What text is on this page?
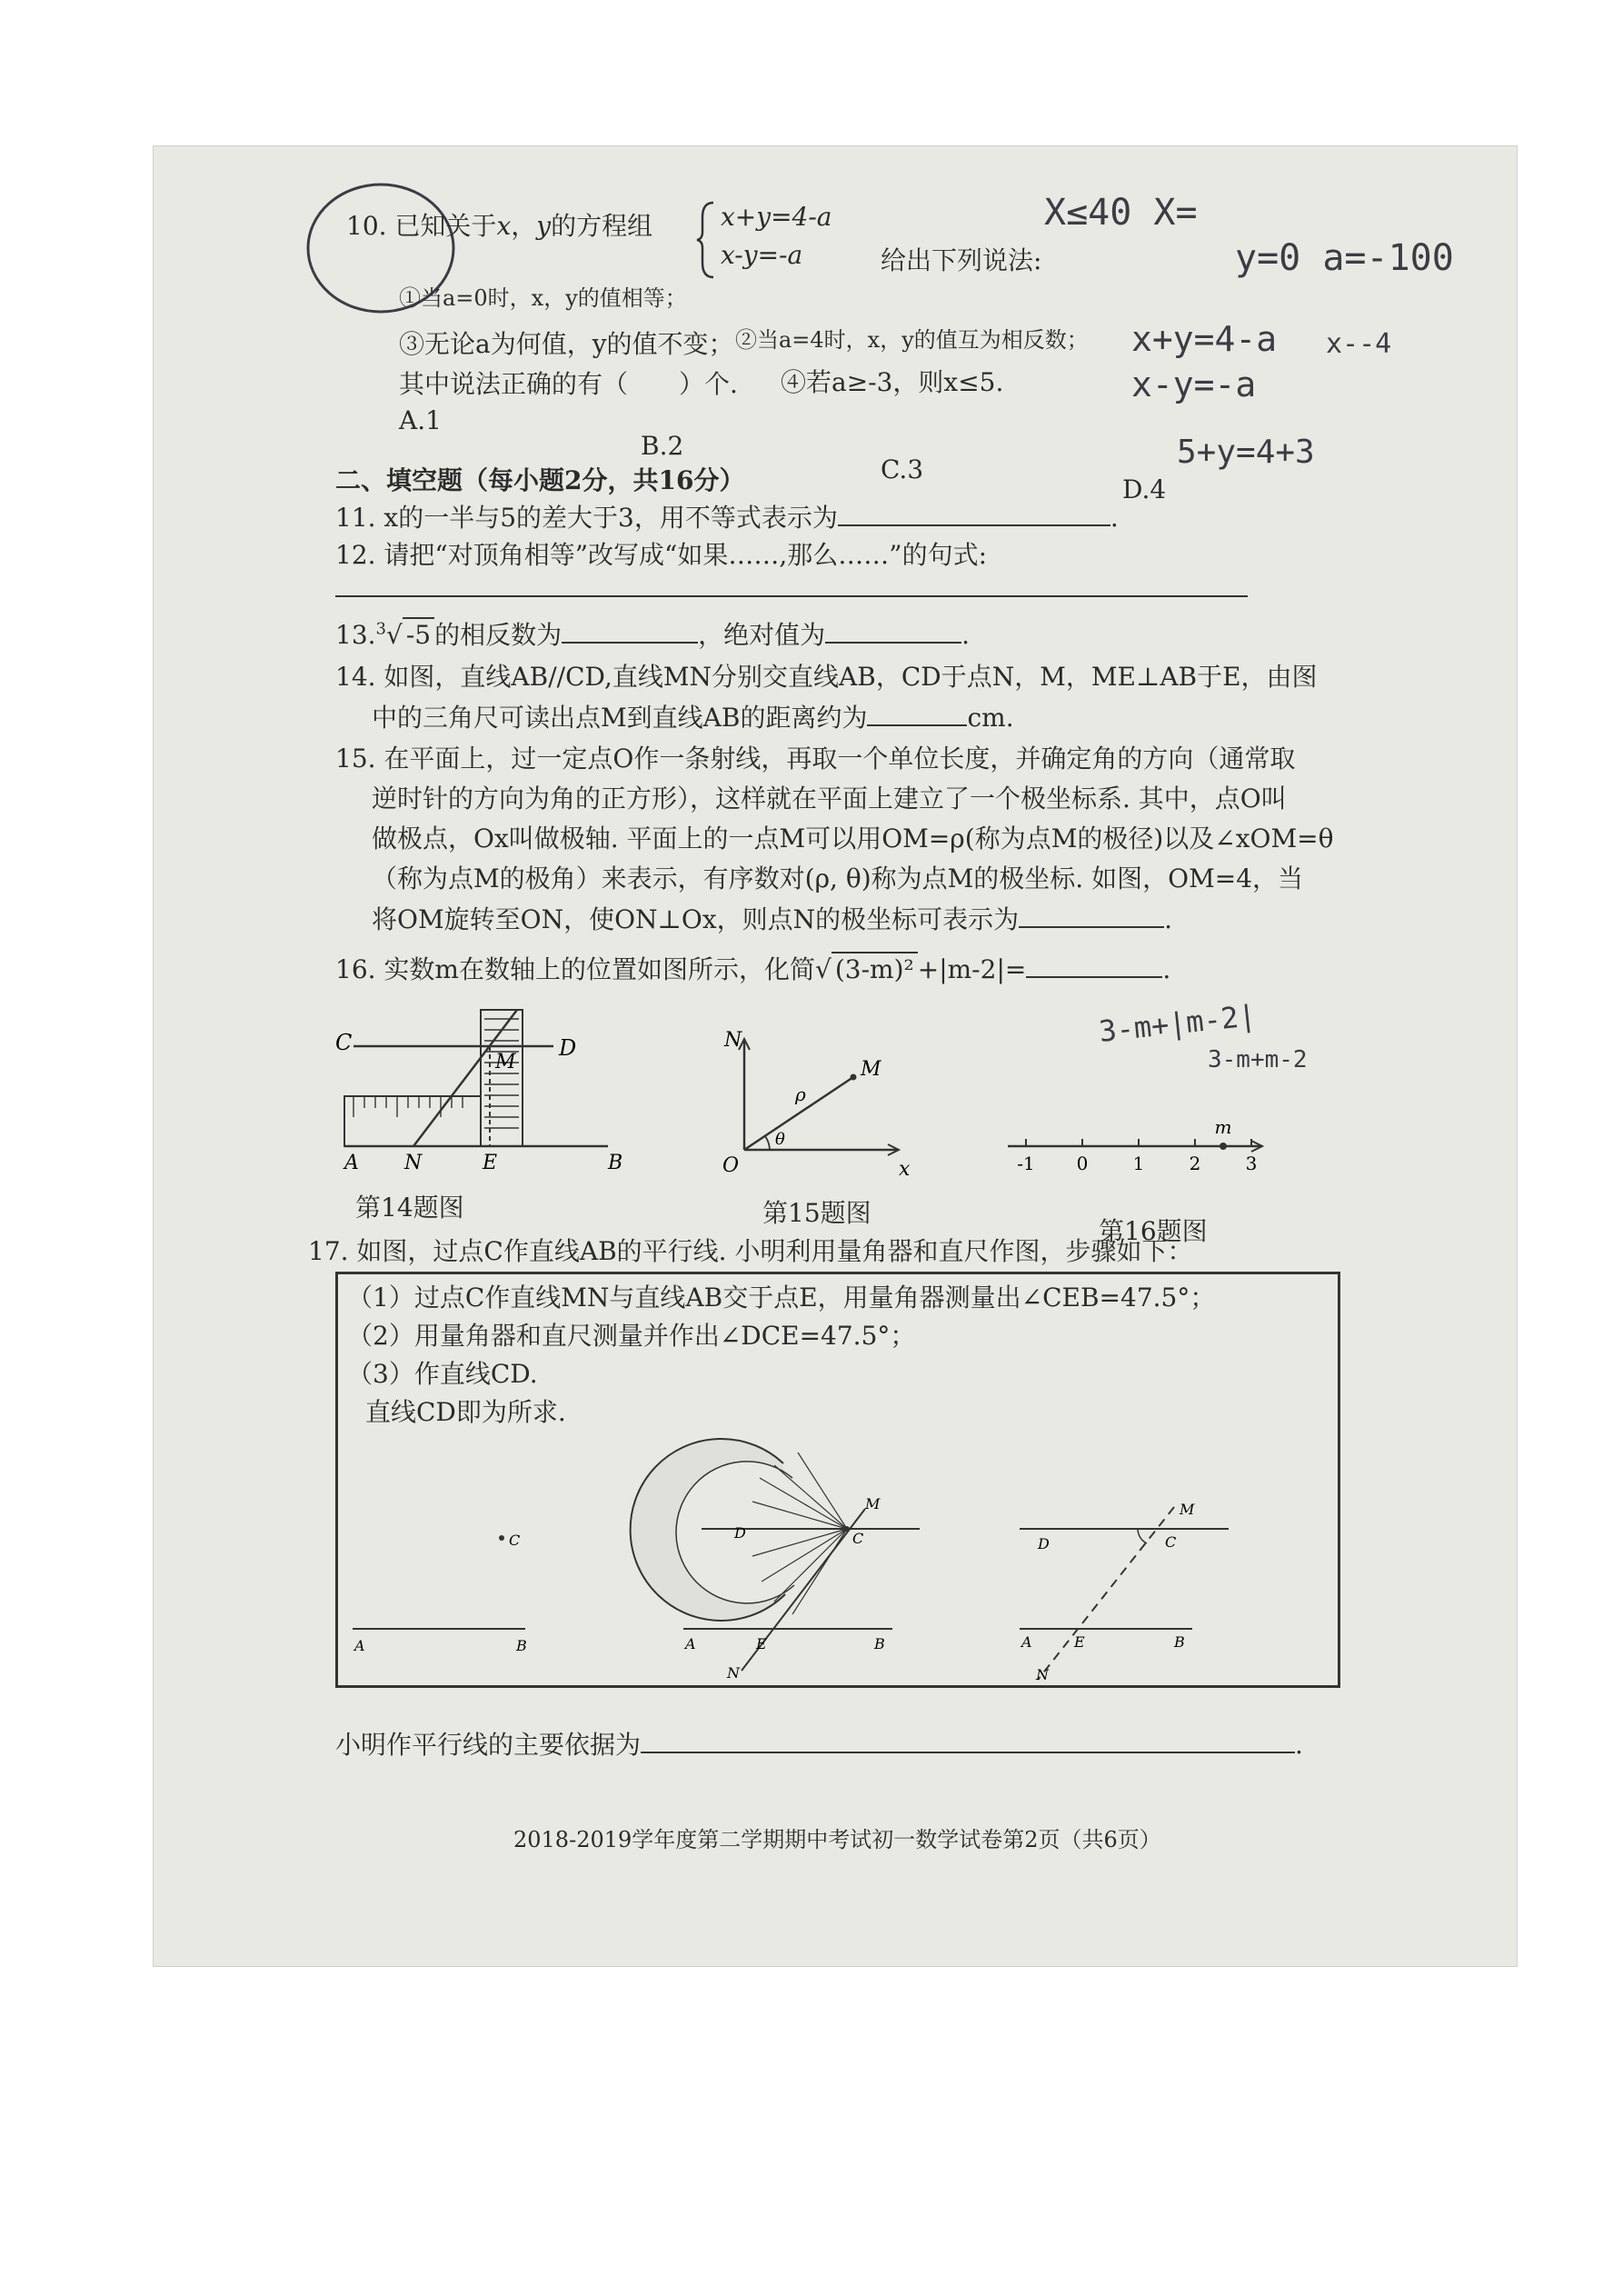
10. 已知关于x，y的方程组	x+y=4-a
x-y=-a	给出下列说法:
①当a=0时，x，y的值相等；
②当a=4时，x，y的值互为相反数；
③无论a为何值，y的值不变；
④若a≥-3，则x≤5.
其中说法正确的有（　　）个.
A.1
B.2
C.3
D.4
X≤40 X=
y=0 a=-100
x+y=4-a
x-y=-a
x--4
5+y=4+3
二、填空题（每小题2分，共16分）
11. x的一半与5的差大于3，用不等式表示为	.
12. 请把“对顶角相等”改写成“如果……,那么……”的句式:
13.$^3$√ -5 的相反数为	，绝对值为	.
14. 如图，直线AB//CD,直线MN分别交直线AB，CD于点N，M，ME⊥AB于E，由图
中的三角尺可读出点M到直线AB的距离约为	cm.
15. 在平面上，过一定点O作一条射线，再取一个单位长度，并确定角的方向（通常取
逆时针的方向为角的正方形），这样就在平面上建立了一个极坐标系. 其中，点O叫
做极点，Ox叫做极轴. 平面上的一点M可以用OM=ρ(称为点M的极径)以及∠xOM=θ
（称为点M的极角）来表示，有序数对(ρ, θ)称为点M的极坐标. 如图，OM=4，当
将OM旋转至ON，使ON⊥Ox，则点N的极坐标可表示为	.
16. 实数m在数轴上的位置如图所示，化简√ (3-m)² +|m-2|=	.
3-m+|m-2|
3-m+m-2
C	D
M
A N	E	B
第14题图
N
M
O	x
ρ
θ
第15题图
-1 0 1 2 3
m
第16题图
17. 如图，过点C作直线AB的平行线. 小明利用量角器和直尺作图，步骤如下：
（1）过点C作直线MN与直线AB交于点E，用量角器测量出∠CEB=47.5°；
（2）用量角器和直尺测量并作出∠DCE=47.5°；
（3）作直线CD.
直线CD即为所求.
C
A	B
D	C
M
A	E	B
N
D	C
M
A	E	B
N
小明作平行线的主要依据为	.
2018-2019学年度第二学期期中考试初一数学试卷第2页（共6页）
